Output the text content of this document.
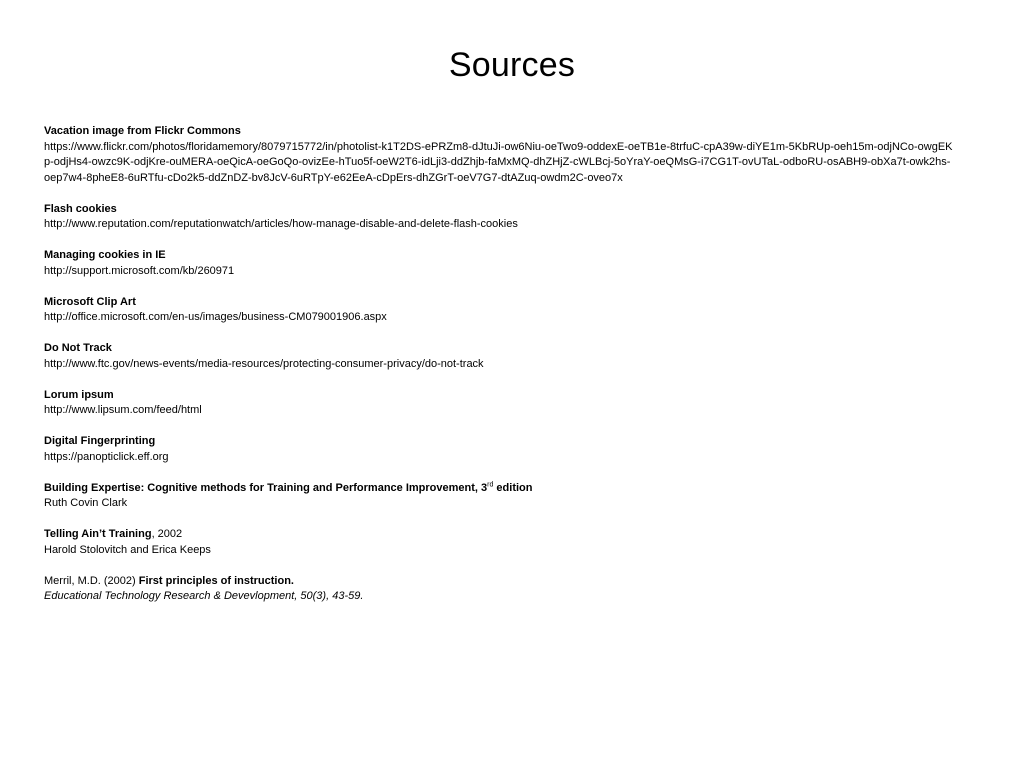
Sources
Vacation image from Flickr Commons
https://www.flickr.com/photos/floridamemory/8079715772/in/photolist-k1T2DS-ePRZm8-dJtuJi-ow6Niu-oeTwo9-oddexE-oeTB1e-8trfuC-cpA39w-diYE1m-5KbRUp-oeh15m-odjNCo-owgEKp-odjHs4-owzc9K-odjKre-ouMERA-oeQicA-oeGoQo-ovizEe-hTuo5f-oeW2T6-idLji3-ddZhjb-faMxMQ-dhZHjZ-cWLBcj-5oYraY-oeQMsG-i7CG1T-ovUTaL-odboRU-osABH9-obXa7t-owk2hs-oep7w4-8pheE8-6uRTfu-cDo2k5-ddZnDZ-bv8JcV-6uRTpY-e62EeA-cDpErs-dhZGrT-oeV7G7-dtAZuq-owdm2C-oveo7x
Flash cookies
http://www.reputation.com/reputationwatch/articles/how-manage-disable-and-delete-flash-cookies
Managing cookies in IE
http://support.microsoft.com/kb/260971
Microsoft Clip Art
http://office.microsoft.com/en-us/images/business-CM079001906.aspx
Do Not Track
http://www.ftc.gov/news-events/media-resources/protecting-consumer-privacy/do-not-track
Lorum ipsum
http://www.lipsum.com/feed/html
Digital Fingerprinting
https://panopticlick.eff.org
Building Expertise: Cognitive methods for Training and Performance Improvement, 3rd edition
Ruth Covin Clark
Telling Ain’t Training, 2002
Harold Stolovitch and Erica Keeps
Merril, M.D. (2002) First principles of instruction.
Educational Technology Research & Devevlopment, 50(3), 43-59.
